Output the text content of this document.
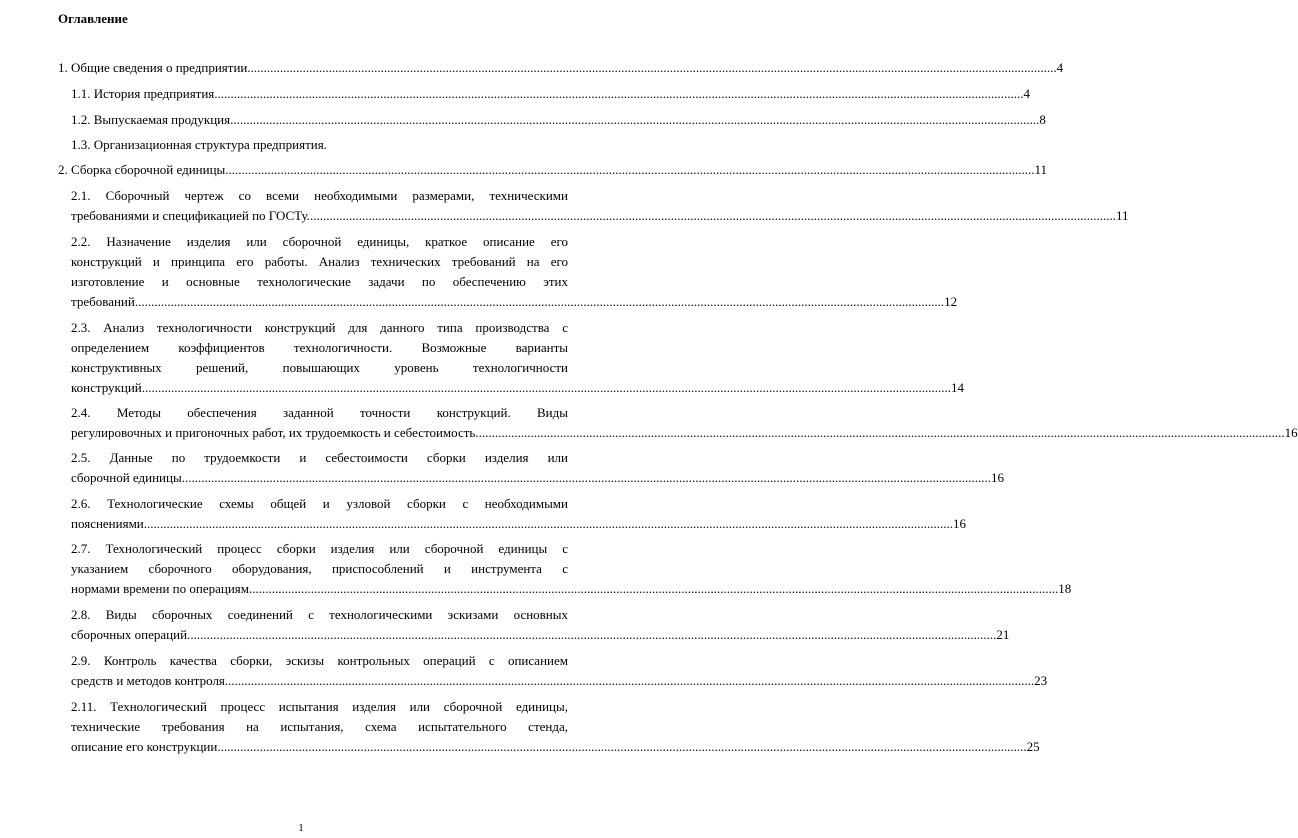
Оглавление
1. Общие сведения о предприятии. ........................................................................................................................................................................................................................................................ 4
1.1. История предприятия. ........................................................................................................................................................................................................................................................ 4
1.2. Выпускаемая продукция. ........................................................................................................................................................................................................................................................ 8
1.3. Организационная структура предприятия.
2. Сборка сборочной единицы. ........................................................................................................................................................................................................................................................ 11
2.1. Сборочный чертеж со всеми необходимыми размерами, техническими
требованиями и спецификацией по ГОСТу. ........................................................................................................................................................................................................................................................ 11
2.2. Назначение изделия или сборочной единицы, краткое описание его
конструкций и принципа его работы. Анализ технических требований на его
изготовление и основные технологические задачи по обеспечению этих
требований. ........................................................................................................................................................................................................................................................ 12
2.3. Анализ технологичности конструкций для данного типа производства с
определением коэффициентов технологичности. Возможные варианты
конструктивных решений, повышающих уровень технологичности
конструкций. ........................................................................................................................................................................................................................................................ 14
2.4. Методы обеспечения заданной точности конструкций. Виды
регулировочных и пригоночных работ, их трудоемкость и себестоимость. ........................................................................................................................................................................................................................................................ 16
2.5. Данные по трудоемкости и себестоимости сборки изделия или
сборочной единицы. ........................................................................................................................................................................................................................................................ 16
2.6. Технологические схемы общей и узловой сборки с необходимыми
пояснениями. ........................................................................................................................................................................................................................................................ 16
2.7. Технологический процесс сборки изделия или сборочной единицы с
указанием сборочного оборудования, приспособлений и инструмента с
нормами времени по операциям. ........................................................................................................................................................................................................................................................ 18
2.8. Виды сборочных соединений с технологическими эскизами основных
сборочных операций. ........................................................................................................................................................................................................................................................ 21
2.9. Контроль качества сборки, эскизы контрольных операций с описанием
средств и методов контроля. ........................................................................................................................................................................................................................................................ 23
2.11. Технологический процесс испытания изделия или сборочной единицы,
технические требования на испытания, схема испытательного стенда,
описание его конструкции. ........................................................................................................................................................................................................................................................ 25
1
